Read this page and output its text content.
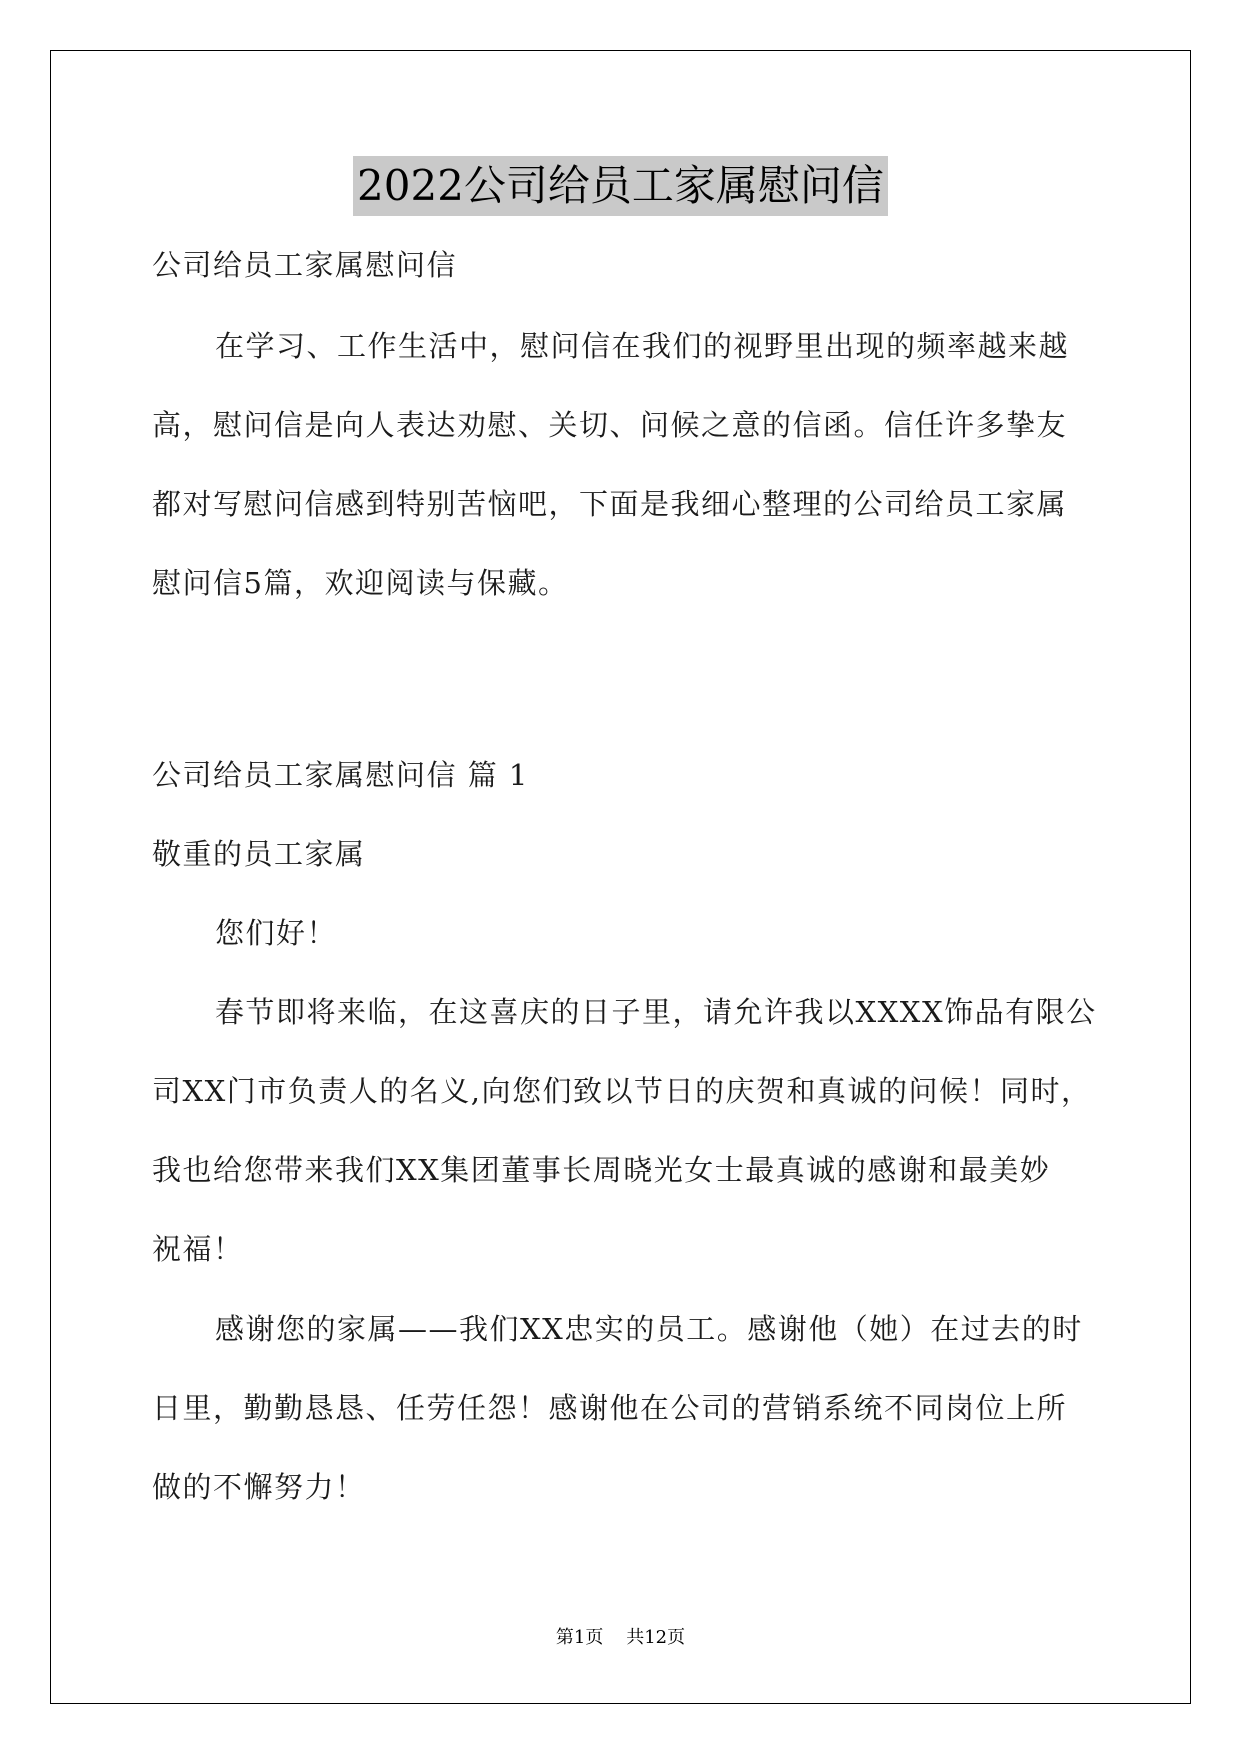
2022公司给员工家属慰问信
公司给员工家属慰问信
在学习、工作生活中，慰问信在我们的视野里出现的频率越来越
高，慰问信是向人表达劝慰、关切、问候之意的信函。信任许多挚友
都对写慰问信感到特别苦恼吧，下面是我细心整理的公司给员工家属
慰问信5篇，欢迎阅读与保藏。
公司给员工家属慰问信 篇 1
敬重的员工家属
您们好！
春节即将来临，在这喜庆的日子里，请允许我以XXXX饰品有限公
司XX门市负责人的名义,向您们致以节日的庆贺和真诚的问候！同时，
我也给您带来我们XX集团董事长周晓光女士最真诚的感谢和最美妙
祝福！
感谢您的家属——我们XX忠实的员工。感谢他（她）在过去的时
日里，勤勤恳恳、任劳任怨！感谢他在公司的营销系统不同岗位上所
做的不懈努力！
第1页    共12页
